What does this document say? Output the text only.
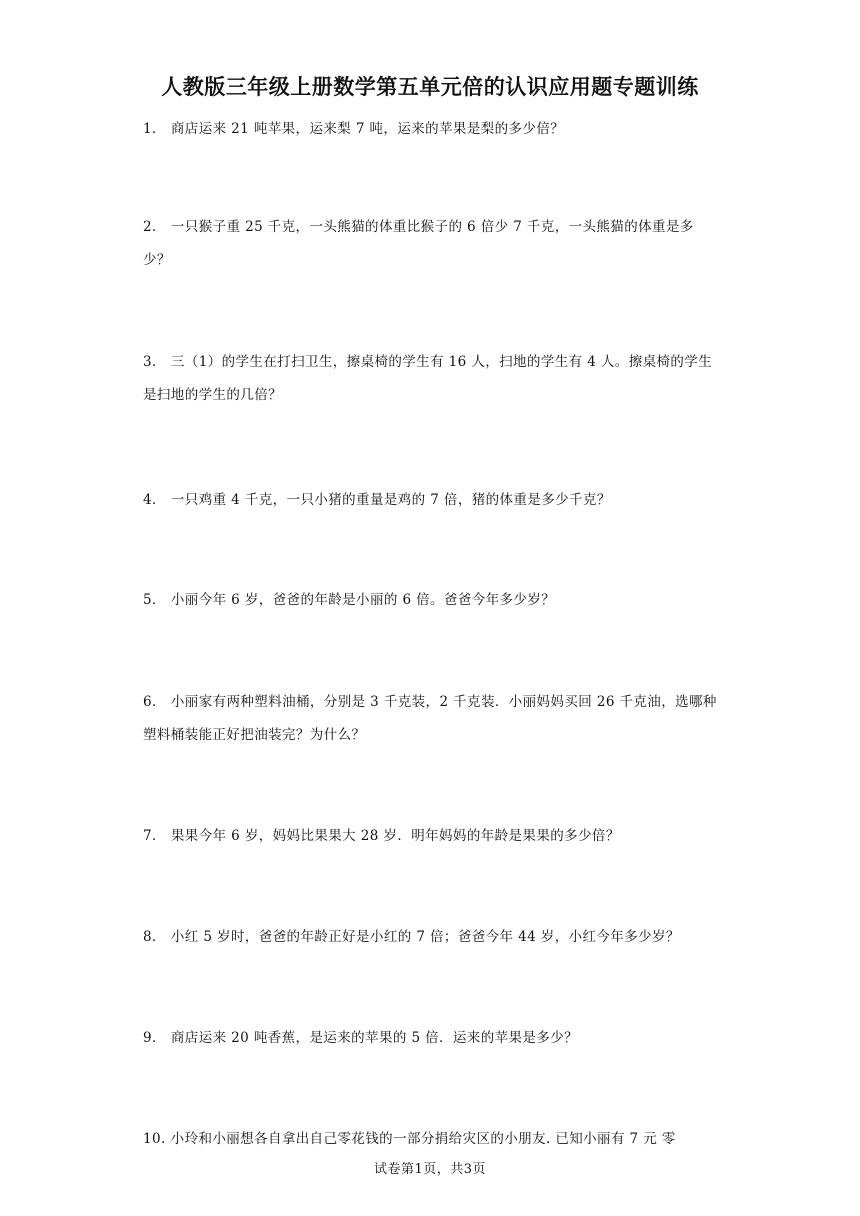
人教版三年级上册数学第五单元倍的认识应用题专题训练
1． 商店运来 21 吨苹果，运来梨 7 吨，运来的苹果是梨的多少倍？
2． 一只猴子重 25 千克，一头熊猫的体重比猴子的 6 倍少 7 千克，一头熊猫的体重是多少？
3． 三（1）的学生在打扫卫生，擦桌椅的学生有 16 人，扫地的学生有 4 人。擦桌椅的学生是扫地的学生的几倍？
4． 一只鸡重 4 千克，一只小猪的重量是鸡的 7 倍，猪的体重是多少千克？
5． 小丽今年 6 岁，爸爸的年龄是小丽的 6 倍。爸爸今年多少岁？
6． 小丽家有两种塑料油桶，分别是 3 千克装，2 千克装．小丽妈妈买回 26 千克油，选哪种塑料桶装能正好把油装完？为什么？
7． 果果今年 6 岁，妈妈比果果大 28 岁．明年妈妈的年龄是果果的多少倍？
8． 小红 5 岁时，爸爸的年龄正好是小红的 7 倍；爸爸今年 44 岁，小红今年多少岁？
9． 商店运来 20 吨香蕉，是运来的苹果的 5 倍．运来的苹果是多少？
10. 小玲和小丽想各自拿出自己零花钱的一部分捐给灾区的小朋友. 已知小丽有 7 元 零
试卷第1页，共3页
